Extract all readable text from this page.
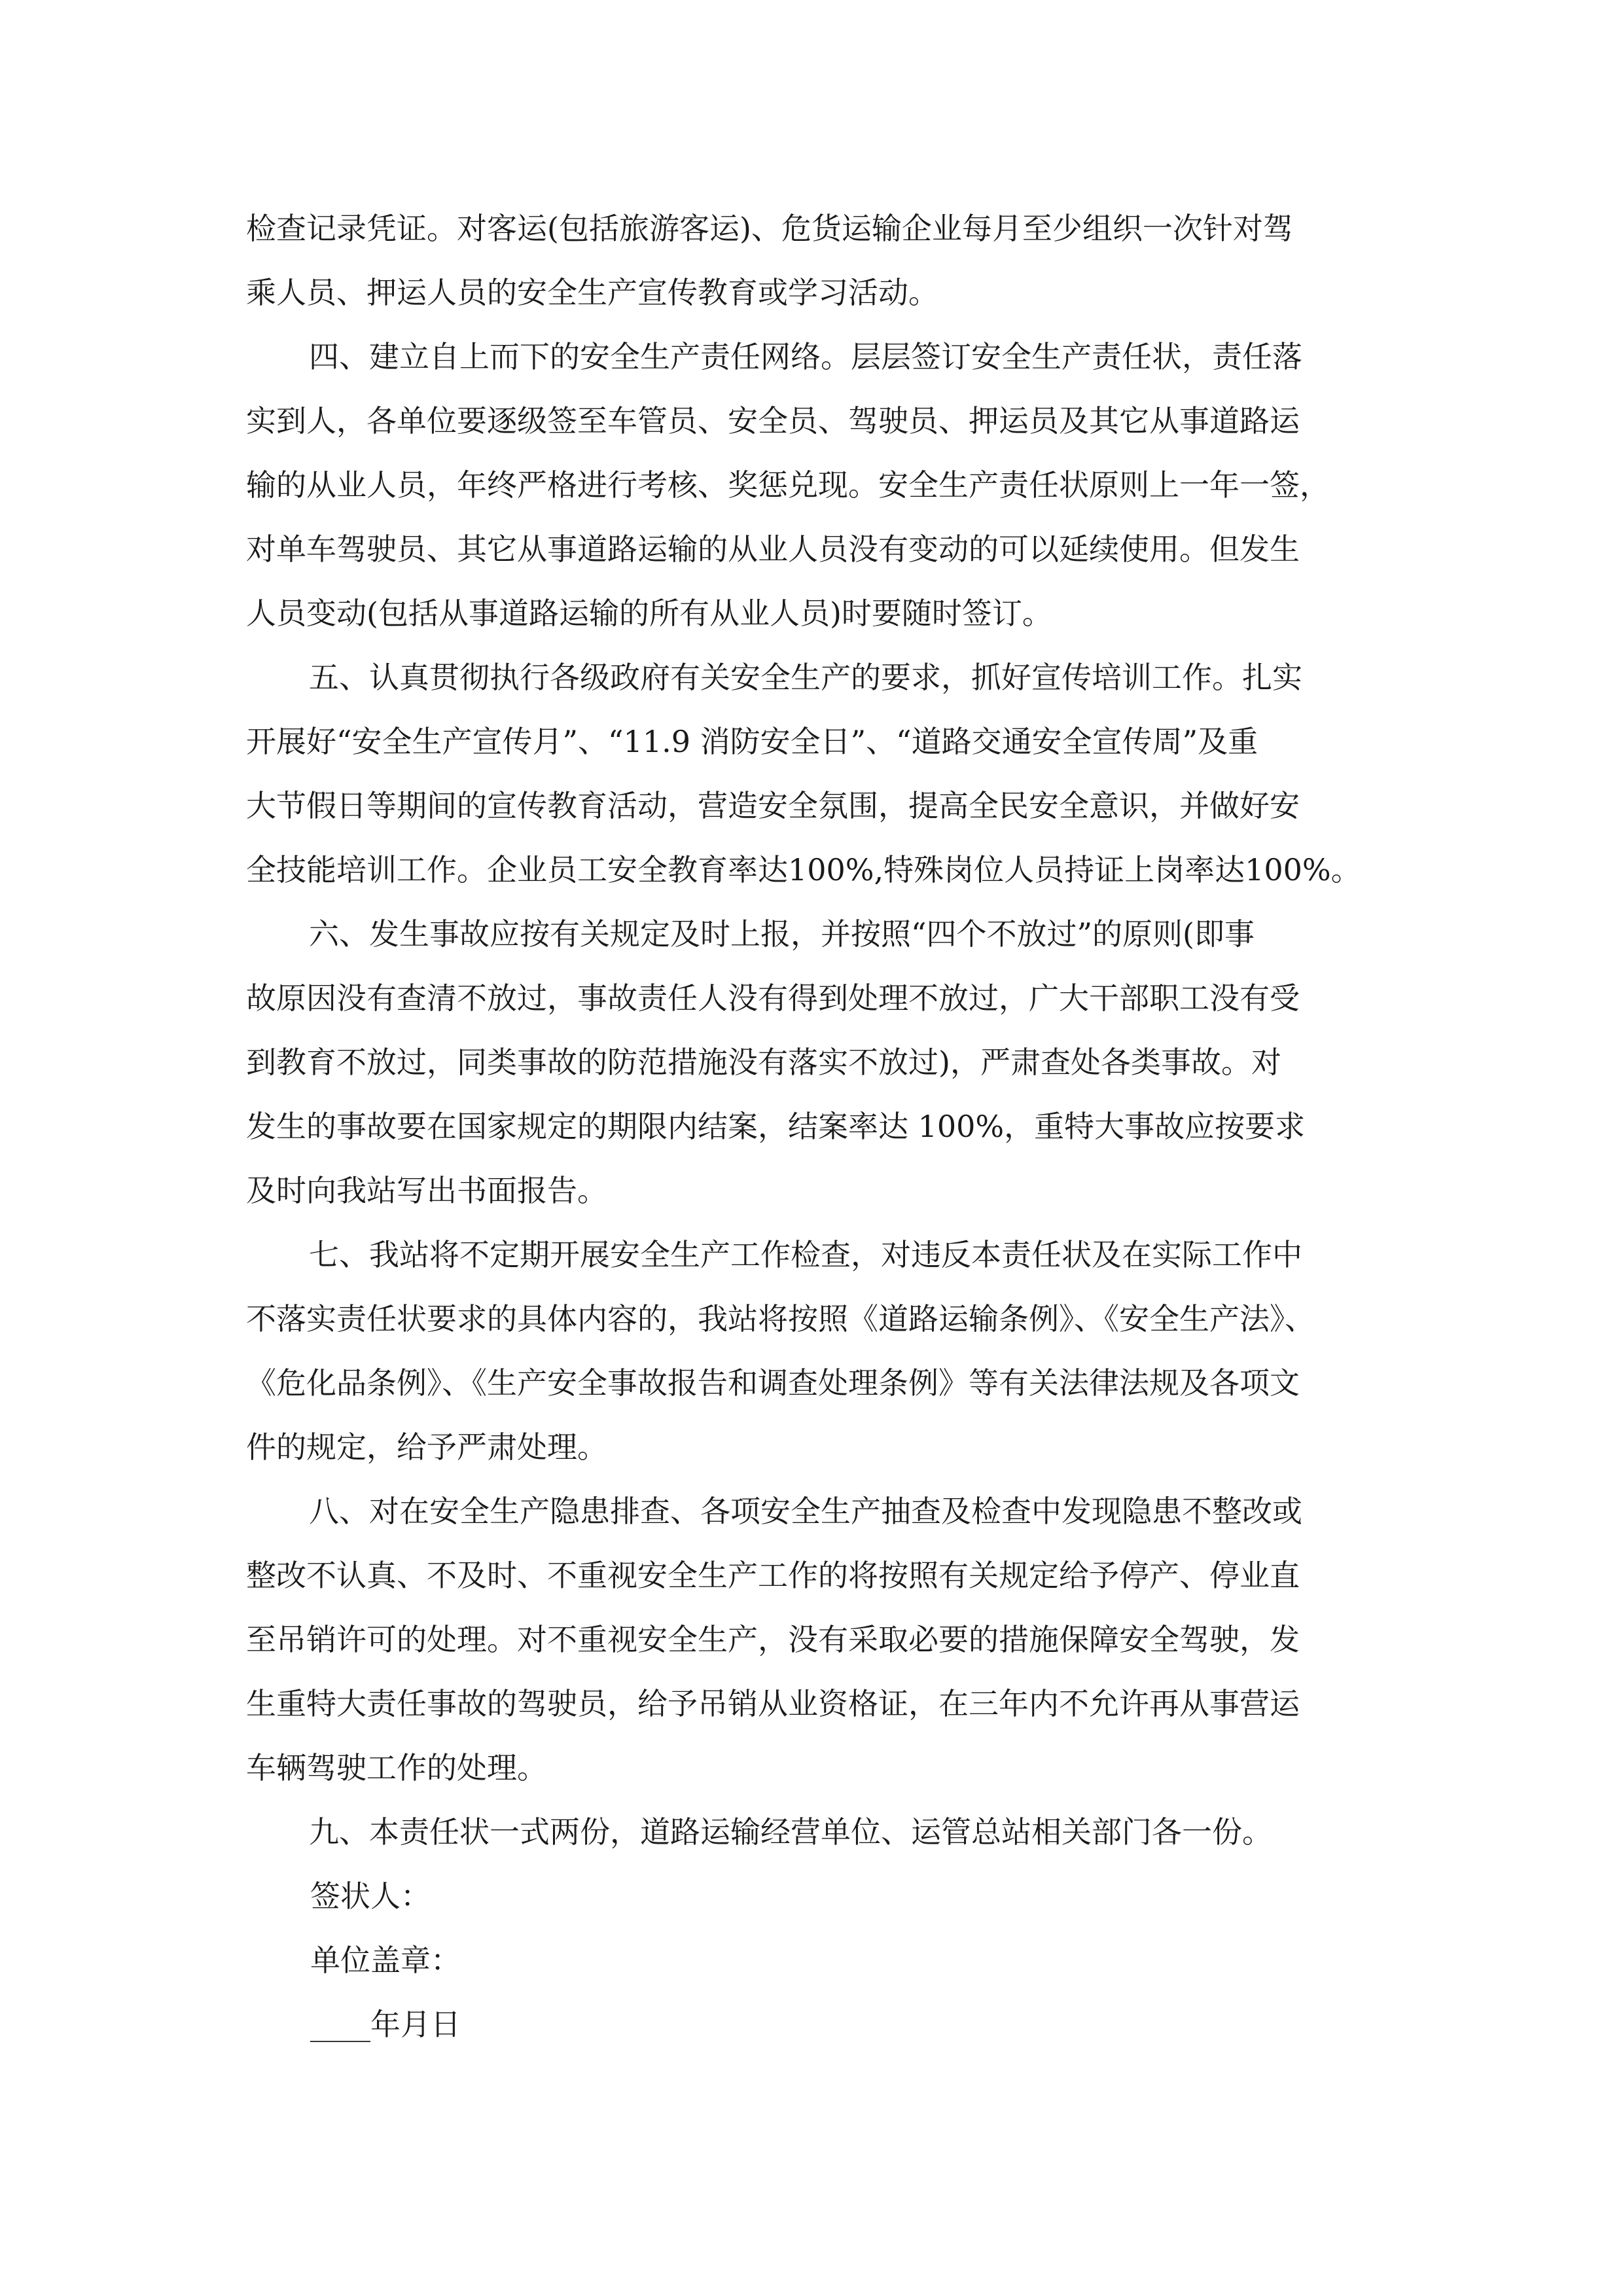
检查记录凭证。对客运(包括旅游客运)、危货运输企业每月至少组织一次针对驾
乘人员、押运人员的安全生产宣传教育或学习活动。

四、建立自上而下的安全生产责任网络。层层签订安全生产责任状，责任落
实到人，各单位要逐级签至车管员、安全员、驾驶员、押运员及其它从事道路运
输的从业人员，年终严格进行考核、奖惩兑现。安全生产责任状原则上一年一签，
对单车驾驶员、其它从事道路运输的从业人员没有变动的可以延续使用。但发生
人员变动(包括从事道路运输的所有从业人员)时要随时签订。

五、认真贯彻执行各级政府有关安全生产的要求，抓好宣传培训工作。扎实
开展好“安全生产宣传月”、“11.9 消防安全日”、“道路交通安全宣传周”及重
大节假日等期间的宣传教育活动，营造安全氛围，提高全民安全意识，并做好安
全技能培训工作。企业员工安全教育率达100%,特殊岗位人员持证上岗率达100%。

六、发生事故应按有关规定及时上报，并按照“四个不放过”的原则(即事
故原因没有查清不放过，事故责任人没有得到处理不放过，广大干部职工没有受
到教育不放过，同类事故的防范措施没有落实不放过)，严肃查处各类事故。对
发生的事故要在国家规定的期限内结案，结案率达 100%，重特大事故应按要求
及时向我站写出书面报告。

七、我站将不定期开展安全生产工作检查，对违反本责任状及在实际工作中
不落实责任状要求的具体内容的，我站将按照《道路运输条例》、《安全生产法》、
《危化品条例》、《生产安全事故报告和调查处理条例》等有关法律法规及各项文
件的规定，给予严肃处理。

八、对在安全生产隐患排查、各项安全生产抽查及检查中发现隐患不整改或
整改不认真、不及时、不重视安全生产工作的将按照有关规定给予停产、停业直
至吊销许可的处理。对不重视安全生产，没有采取必要的措施保障安全驾驶，发
生重特大责任事故的驾驶员，给予吊销从业资格证，在三年内不允许再从事营运
车辆驾驶工作的处理。

九、本责任状一式两份，道路运输经营单位、运管总站相关部门各一份。

签状人：

单位盖章：

____年月日
